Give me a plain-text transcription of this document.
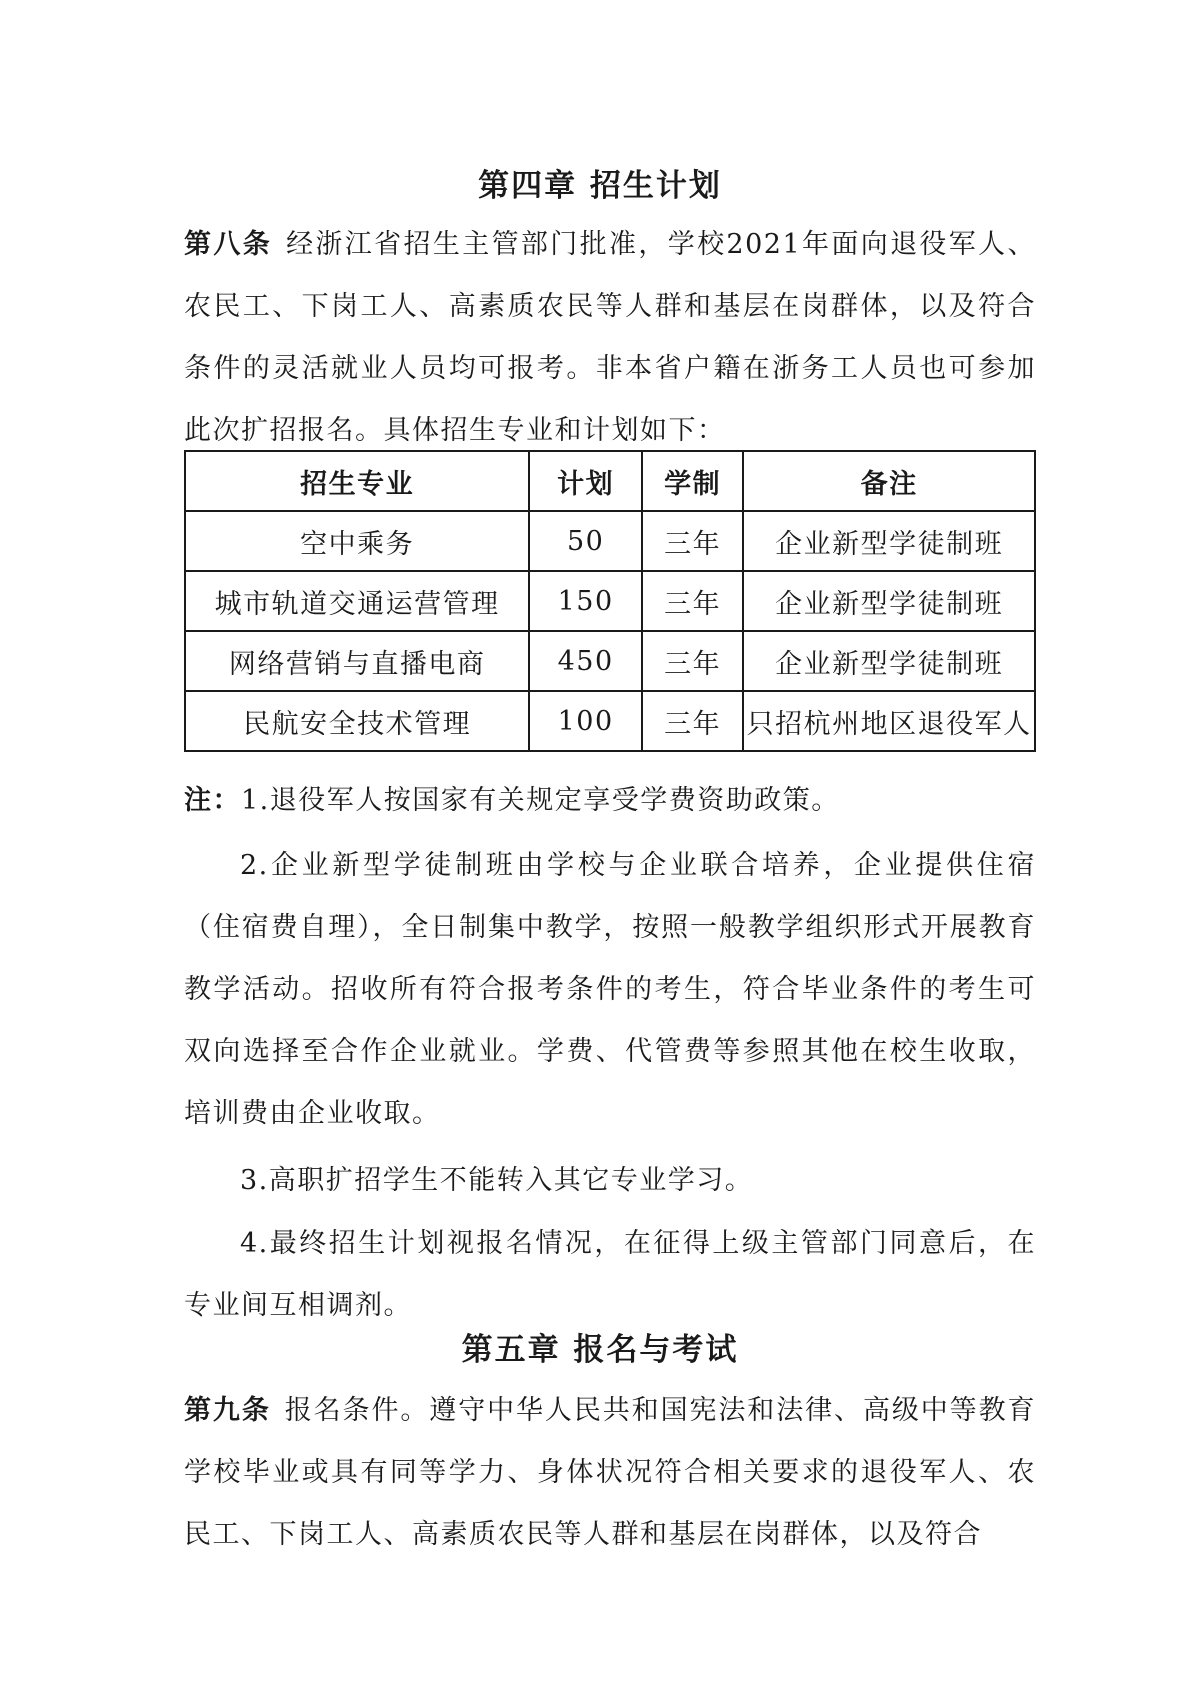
第四章 招生计划

第八条 经浙江省招生主管部门批准，学校2021年面向退役军人、农民工、下岗工人、高素质农民等人群和基层在岗群体，以及符合条件的灵活就业人员均可报考。非本省户籍在浙务工人员也可参加此次扩招报名。具体招生专业和计划如下：

招生专业	计划	学制	备注
空中乘务	50	三年	企业新型学徒制班
城市轨道交通运营管理	150	三年	企业新型学徒制班
网络营销与直播电商	450	三年	企业新型学徒制班
民航安全技术管理	100	三年	只招杭州地区退役军人

注：1.退役军人按国家有关规定享受学费资助政策。

2.企业新型学徒制班由学校与企业联合培养，企业提供住宿（住宿费自理），全日制集中教学，按照一般教学组织形式开展教育教学活动。招收所有符合报考条件的考生，符合毕业条件的考生可双向选择至合作企业就业。学费、代管费等参照其他在校生收取，培训费由企业收取。

3.高职扩招学生不能转入其它专业学习。

4.最终招生计划视报名情况，在征得上级主管部门同意后，在专业间互相调剂。

第五章 报名与考试

第九条 报名条件。遵守中华人民共和国宪法和法律、高级中等教育学校毕业或具有同等学力、身体状况符合相关要求的退役军人、农民工、下岗工人、高素质农民等人群和基层在岗群体，以及符合
